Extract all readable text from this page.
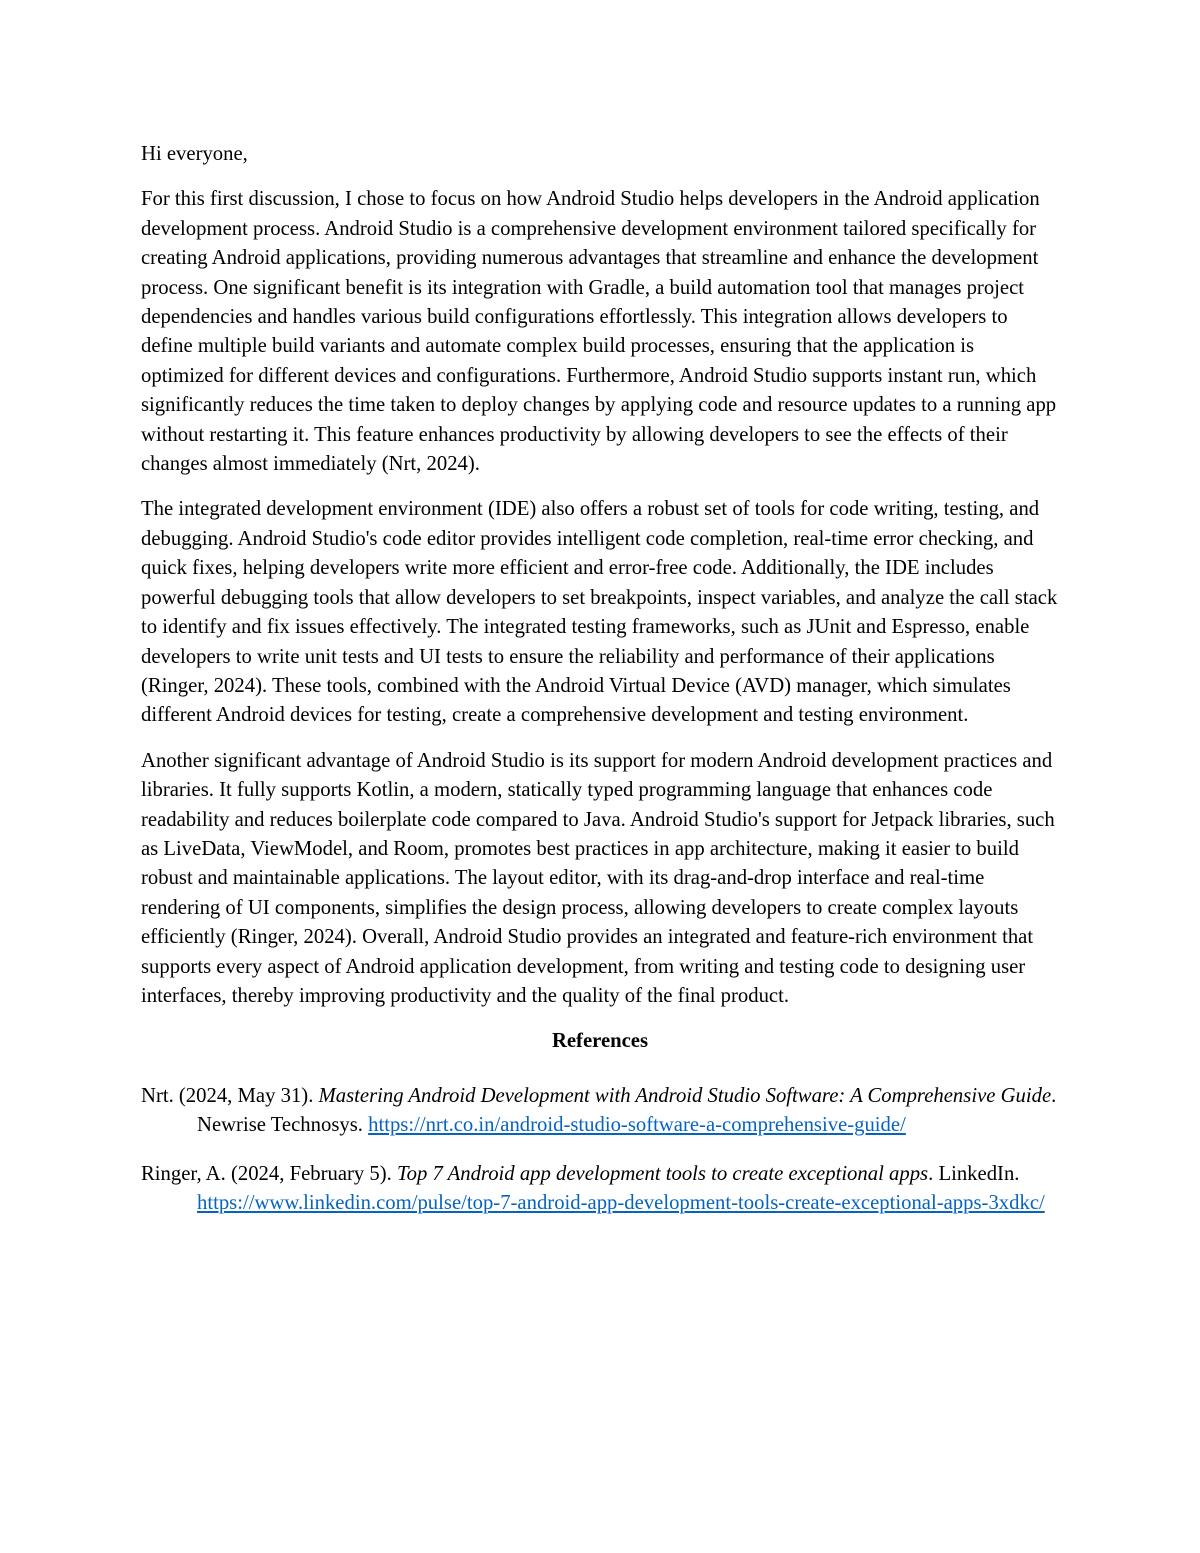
Hi everyone,

For this first discussion, I chose to focus on how Android Studio helps developers in the Android application development process. Android Studio is a comprehensive development environment tailored specifically for creating Android applications, providing numerous advantages that streamline and enhance the development process. One significant benefit is its integration with Gradle, a build automation tool that manages project dependencies and handles various build configurations effortlessly. This integration allows developers to define multiple build variants and automate complex build processes, ensuring that the application is optimized for different devices and configurations. Furthermore, Android Studio supports instant run, which significantly reduces the time taken to deploy changes by applying code and resource updates to a running app without restarting it. This feature enhances productivity by allowing developers to see the effects of their changes almost immediately (Nrt, 2024).

The integrated development environment (IDE) also offers a robust set of tools for code writing, testing, and debugging. Android Studio's code editor provides intelligent code completion, real-time error checking, and quick fixes, helping developers write more efficient and error-free code. Additionally, the IDE includes powerful debugging tools that allow developers to set breakpoints, inspect variables, and analyze the call stack to identify and fix issues effectively. The integrated testing frameworks, such as JUnit and Espresso, enable developers to write unit tests and UI tests to ensure the reliability and performance of their applications (Ringer, 2024). These tools, combined with the Android Virtual Device (AVD) manager, which simulates different Android devices for testing, create a comprehensive development and testing environment.

Another significant advantage of Android Studio is its support for modern Android development practices and libraries. It fully supports Kotlin, a modern, statically typed programming language that enhances code readability and reduces boilerplate code compared to Java. Android Studio's support for Jetpack libraries, such as LiveData, ViewModel, and Room, promotes best practices in app architecture, making it easier to build robust and maintainable applications. The layout editor, with its drag-and-drop interface and real-time rendering of UI components, simplifies the design process, allowing developers to create complex layouts efficiently (Ringer, 2024). Overall, Android Studio provides an integrated and feature-rich environment that supports every aspect of Android application development, from writing and testing code to designing user interfaces, thereby improving productivity and the quality of the final product.

References

Nrt. (2024, May 31). Mastering Android Development with Android Studio Software: A Comprehensive Guide. Newrise Technosys. https://nrt.co.in/android-studio-software-a-comprehensive-guide/

Ringer, A. (2024, February 5). Top 7 Android app development tools to create exceptional apps. LinkedIn. https://www.linkedin.com/pulse/top-7-android-app-development-tools-create-exceptional-apps-3xdkc/
